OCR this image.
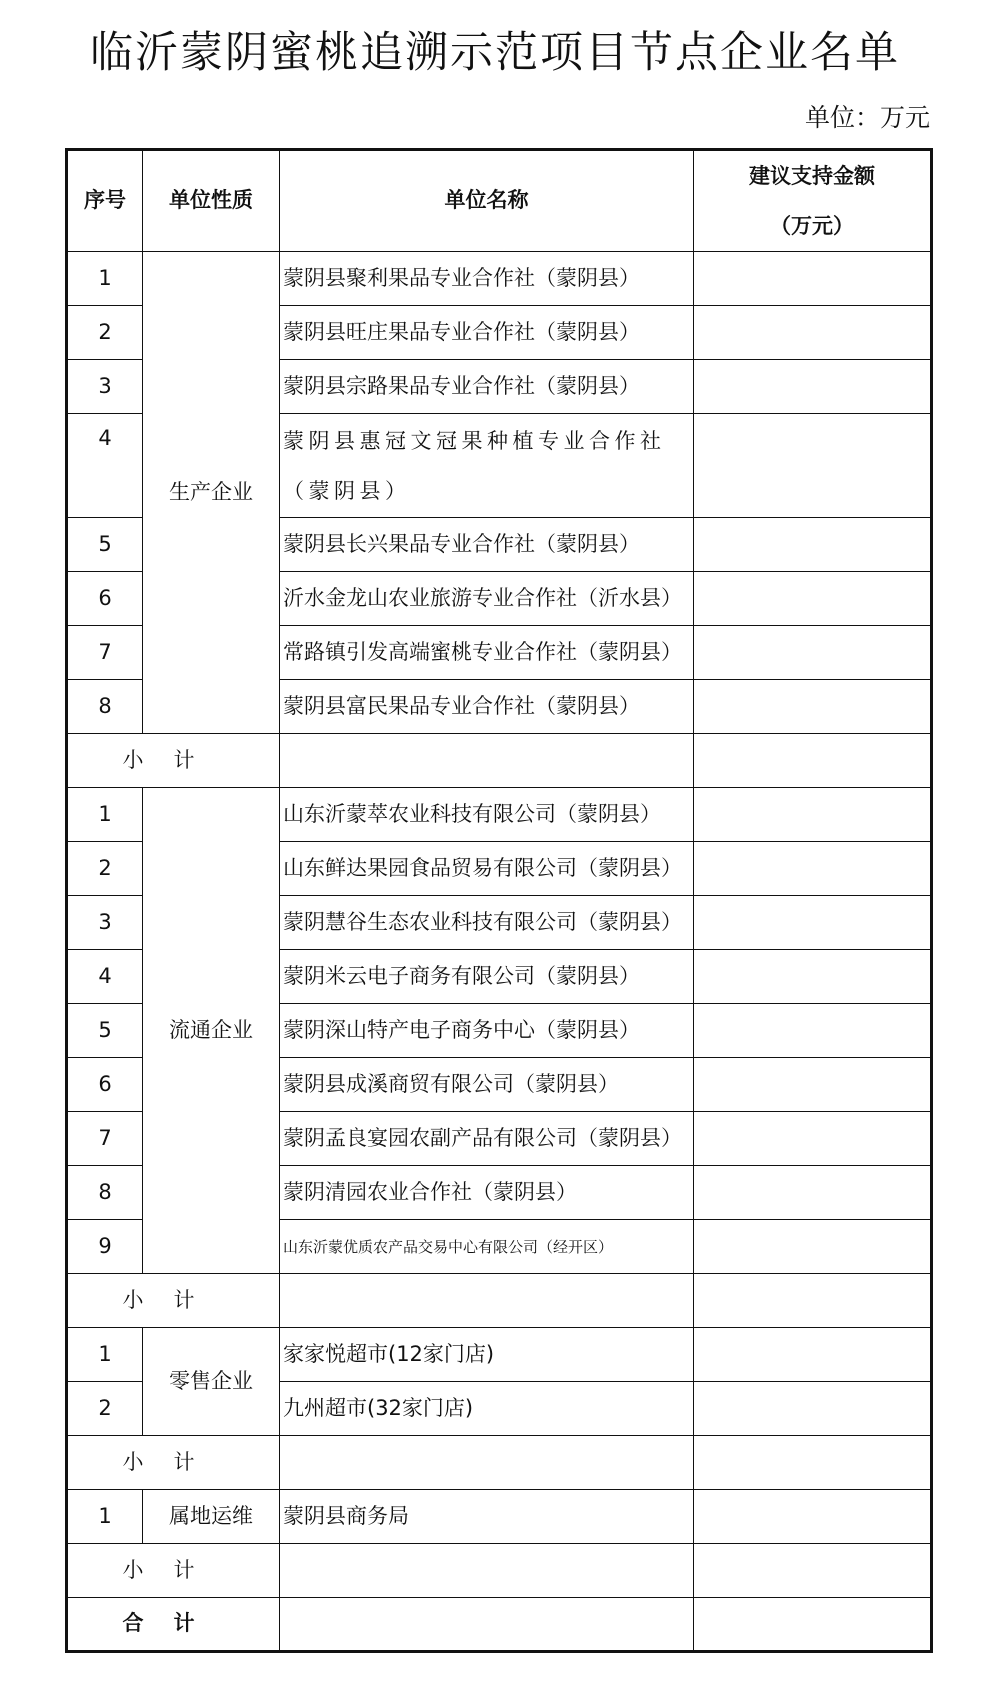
临沂蒙阴蜜桃追溯示范项目节点企业名单
单位：万元
序号	单位性质	单位名称	建议支持金额
（万元）

1	生产企业	蒙阴县聚利果品专业合作社（蒙阴县）	
2		蒙阴县旺庄果品专业合作社（蒙阴县）	
3		蒙阴县宗路果品专业合作社（蒙阴县）	
4		蒙阴县惠冠文冠果种植专业合作社（蒙阴县）	
5		蒙阴县长兴果品专业合作社（蒙阴县）	
6		沂水金龙山农业旅游专业合作社（沂水县）	
7		常路镇引发高端蜜桃专业合作社（蒙阴县）	
8		蒙阴县富民果品专业合作社（蒙阴县）	
小计			
1	流通企业	山东沂蒙萃农业科技有限公司（蒙阴县）	
2		山东鲜达果园食品贸易有限公司（蒙阴县）	
3		蒙阴慧谷生态农业科技有限公司（蒙阴县）	
4		蒙阴米云电子商务有限公司（蒙阴县）	
5		蒙阴深山特产电子商务中心（蒙阴县）	
6		蒙阴县成溪商贸有限公司（蒙阴县）	
7		蒙阴孟良宴园农副产品有限公司（蒙阴县）	
8		蒙阴清园农业合作社（蒙阴县）	
9		山东沂蒙优质农产品交易中心有限公司（经开区）	
小计			
1	零售企业	家家悦超市(12家门店)	
2		九州超市(32家门店)	
小计			
1	属地运维	蒙阴县商务局	
小计			
合计			
